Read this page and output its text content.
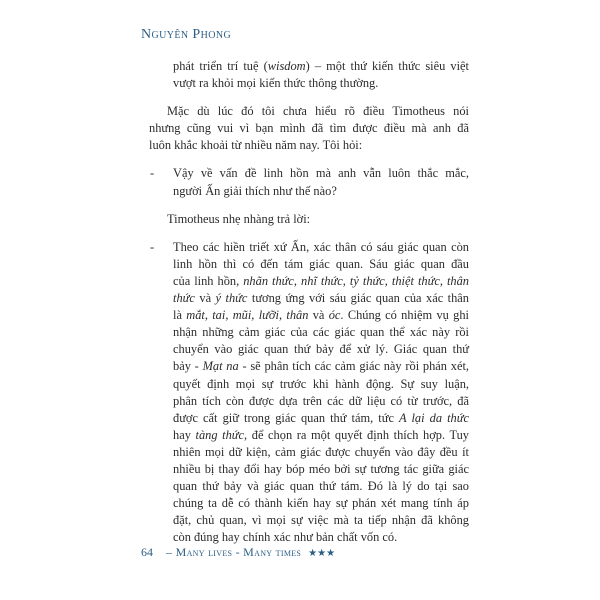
Nguyên Phong

phát triển trí tuệ (wisdom) – một thứ kiến thức siêu việt
vượt ra khỏi mọi kiến thức thông thường.

Mặc dù lúc đó tôi chưa hiểu rõ điều Timotheus nói
nhưng cũng vui vì bạn mình đã tìm được điều mà anh đã
luôn khắc khoải từ nhiều năm nay. Tôi hỏi:

- Vậy về vấn đề linh hồn mà anh vẫn luôn thắc mắc,
người Ấn giải thích như thế nào?

Timotheus nhẹ nhàng trả lời:

- Theo các hiền triết xứ Ấn, xác thân có sáu giác quan còn
linh hồn thì có đến tám giác quan. Sáu giác quan đầu
của linh hồn, nhãn thức, nhĩ thức, tỷ thức, thiệt thức, thân
thức và ý thức tương ứng với sáu giác quan của xác thân
là mắt, tai, mũi, lưỡi, thân và óc. Chúng có nhiệm vụ ghi
nhận những cảm giác của các giác quan thể xác này rồi
chuyển vào giác quan thứ bảy để xử lý. Giác quan thứ
bảy - Mạt na - sẽ phân tích các cảm giác này rồi phán xét,
quyết định mọi sự trước khi hành động. Sự suy luận,
phân tích còn được dựa trên các dữ liệu có từ trước, đã
được cất giữ trong giác quan thứ tám, tức A lại da thức
hay tàng thức, để chọn ra một quyết định thích hợp. Tuy
nhiên mọi dữ kiện, cảm giác được chuyển vào đây đều ít
nhiều bị thay đổi hay bóp méo bởi sự tương tác giữa giác
quan thứ bảy và giác quan thứ tám. Đó là lý do tại sao
chúng ta dễ có thành kiến hay sự phán xét mang tính áp
đặt, chủ quan, vì mọi sự việc mà ta tiếp nhận đã không
còn đúng hay chính xác như bản chất vốn có.
64 – Many lives - Many times ★★★
